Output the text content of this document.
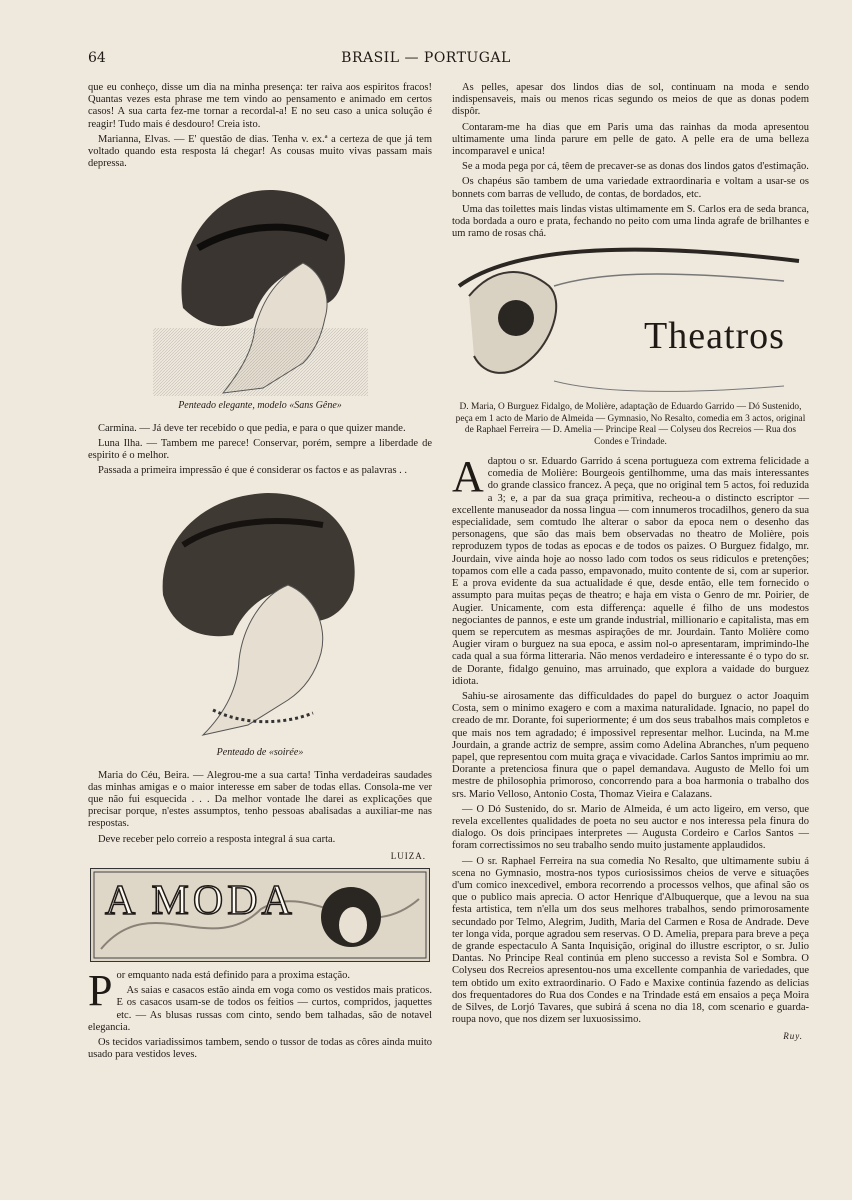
64	BRASIL — PORTUGAL

que eu conheço, disse um dia na minha presença: ter raiva aos espiritos fracos! Quantas vezes esta phrase me tem vindo ao pensamento e animado em certos casos! A sua carta fez-me tornar a recordal-a! E no seu caso a unica solução é reagir! Tudo mais é desdouro! Creia isto.

Marianna, Elvas. — E' questão de dias. Tenha v. ex.ª a certeza de que já tem voltado quando esta resposta lá chegar! As cousas muito vivas passam mais depressa.

Penteado elegante, modelo «Sans Gêne»

Carmina. — Já deve ter recebido o que pedia, e para o que quizer mande.

Luna Ilha. — Tambem me parece! Conservar, porém, sempre a liberdade de espirito é o melhor.

Passada a primeira impressão é que é considerar os factos e as palavras . .

Penteado de «soirée»

Maria do Céu, Beira. — Alegrou-me a sua carta! Tinha verdadeiras saudades das minhas amigas e o maior interesse em saber de todas ellas. Consola-me ver que não fui esquecida . . . Da melhor vontade lhe darei as explicações que precisar porque, n'estes assumptos, tenho pessoas abalisadas a auxiliar-me nas respostas.

Deve receber pelo correio a resposta integral á sua carta.

LUIZA.
A MODA

Por emquanto nada está definido para a proxima estação.

As saias e casacos estão ainda em voga como os vestidos mais praticos. E os casacos usam-se de todos os feitios — curtos, compridos, jaquettes etc. — As blusas russas com cinto, sendo bem talhadas, são de notavel elegancia.

Os tecidos variadissimos tambem, sendo o tussor de todas as côres ainda muito usado para vestidos leves.

As pelles, apesar dos lindos dias de sol, continuam na moda e sendo indispensaveis, mais ou menos ricas segundo os meios de que as donas podem dispôr.

Contaram-me ha dias que em Paris uma das rainhas da moda apresentou ultimamente uma linda parure em pelle de gato. A pelle era de uma belleza incomparavel e unica!

Se a moda pega por cá, têem de precaver-se as donas dos lindos gatos d'estimação.

Os chapéus são tambem de uma variedade extraordinaria e voltam a usar-se os bonnets com barras de velludo, de contas, de bordados, etc.

Uma das toilettes mais lindas vistas ultimamente em S. Carlos era de seda branca, toda bordada a ouro e prata, fechando no peito com uma linda agrafe de brilhantes e um ramo de rosas chá.

Theatros
D. Maria, O Burguez Fidalgo, de Molière, adaptação de Eduardo Garrido — Dó Sustenido, peça em 1 acto de Mario de Almeida — Gymnasio, No Resalto, comedia em 3 actos, original de Raphael Ferreira — D. Amelia — Principe Real — Colyseu dos Recreios — Rua dos Condes e Trindade.

Adaptou o sr. Eduardo Garrido á scena portugueza com extrema felicidade a comedia de Molière: Bourgeois gentilhomme, uma das mais interessantes do grande classico francez. A peça, que no original tem 5 actos, foi reduzida a 3; e, a par da sua graça primitiva, recheou-a o distincto escriptor — excellente manuseador da nossa lingua — com innumeros trocadilhos, genero da sua especialidade, sem comtudo lhe alterar o sabor da epoca nem o desenho das personagens, que são das mais bem observadas no theatro de Molière, pois reproduzem typos de todas as epocas e de todos os paizes. O Burguez fidalgo, mr. Jourdain, vive ainda hoje ao nosso lado com todos os seus ridiculos e pretenções; topamos com elle a cada passo, empavonado, muito contente de si, com ar superior. E a prova evidente da sua actualidade é que, desde então, elle tem fornecido o assumpto para muitas peças de theatro; e haja em vista o Genro de mr. Poirier, de Augier. Unicamente, com esta differença: aquelle é filho de uns modestos negociantes de pannos, e este um grande industrial, millionario e capitalista, mas em quem se repercutem as mesmas aspirações de mr. Jourdain. Tanto Molière como Augier viram o burguez na sua epoca, e assim nol-o apresentaram, imprimindo-lhe cada qual a sua fórma litteraria. Não menos verdadeiro e interessante é o typo do sr. de Dorante, fidalgo genuino, mas arruinado, que explora a vaidade do burguez idiota.

Sahiu-se airosamente das difficuldades do papel do burguez o actor Joaquim Costa, sem o minimo exagero e com a maxima naturalidade. Ignacio, no papel do creado de mr. Dorante, foi superiormente; é um dos seus trabalhos mais completos e que mais nos tem agradado; é impossivel representar melhor. Lucinda, na M.me Jourdain, a grande actriz de sempre, assim como Adelina Abranches, n'um pequeno papel, que representou com muita graça e vivacidade. Carlos Santos imprimiu ao mr. Dorante a pretenciosa finura que o papel demandava. Augusto de Mello foi um mestre de philosophia primoroso, concorrendo para a boa harmonia o trabalho dos srs. Mario Velloso, Antonio Costa, Thomaz Vieira e Calazans.

— O Dó Sustenido, do sr. Mario de Almeida, é um acto ligeiro, em verso, que revela excellentes qualidades de poeta no seu auctor e nos interessa pela finura do dialogo. Os dois principaes interpretes — Augusta Cordeiro e Carlos Santos — foram correctissimos no seu trabalho sendo muito justamente applaudidos.

— O sr. Raphael Ferreira na sua comedia No Resalto, que ultimamente subiu á scena no Gymnasio, mostra-nos typos curiosissimos cheios de verve e situações d'um comico inexcedivel, embora recorrendo a processos velhos, que afinal são os que o publico mais aprecia. O actor Henrique d'Albuquerque, que a levou na sua festa artistica, tem n'ella um dos seus melhores trabalhos, sendo primorosamente secundado por Telmo, Alegrim, Judith, Maria del Carmen e Rosa de Andrade. Deve ter longa vida, porque agradou sem reservas. O D. Amelia, prepara para breve a peça de grande espectaculo A Santa Inquisição, original do illustre escriptor, o sr. Julio Dantas. No Principe Real continúa em pleno successo a revista Sol e Sombra. O Colyseu dos Recreios apresentou-nos uma excellente companhia de variedades, que tem obtido um exito extraordinario. O Fado e Maxixe continúa fazendo as delicias dos frequentadores do Rua dos Condes e na Trindade está em ensaios a peça Moira de Silves, de Lorjó Tavares, que subirá á scena no dia 18, com scenario e guarda-roupa novo, que nos dizem ser luxuosissimo.

Ruy.
